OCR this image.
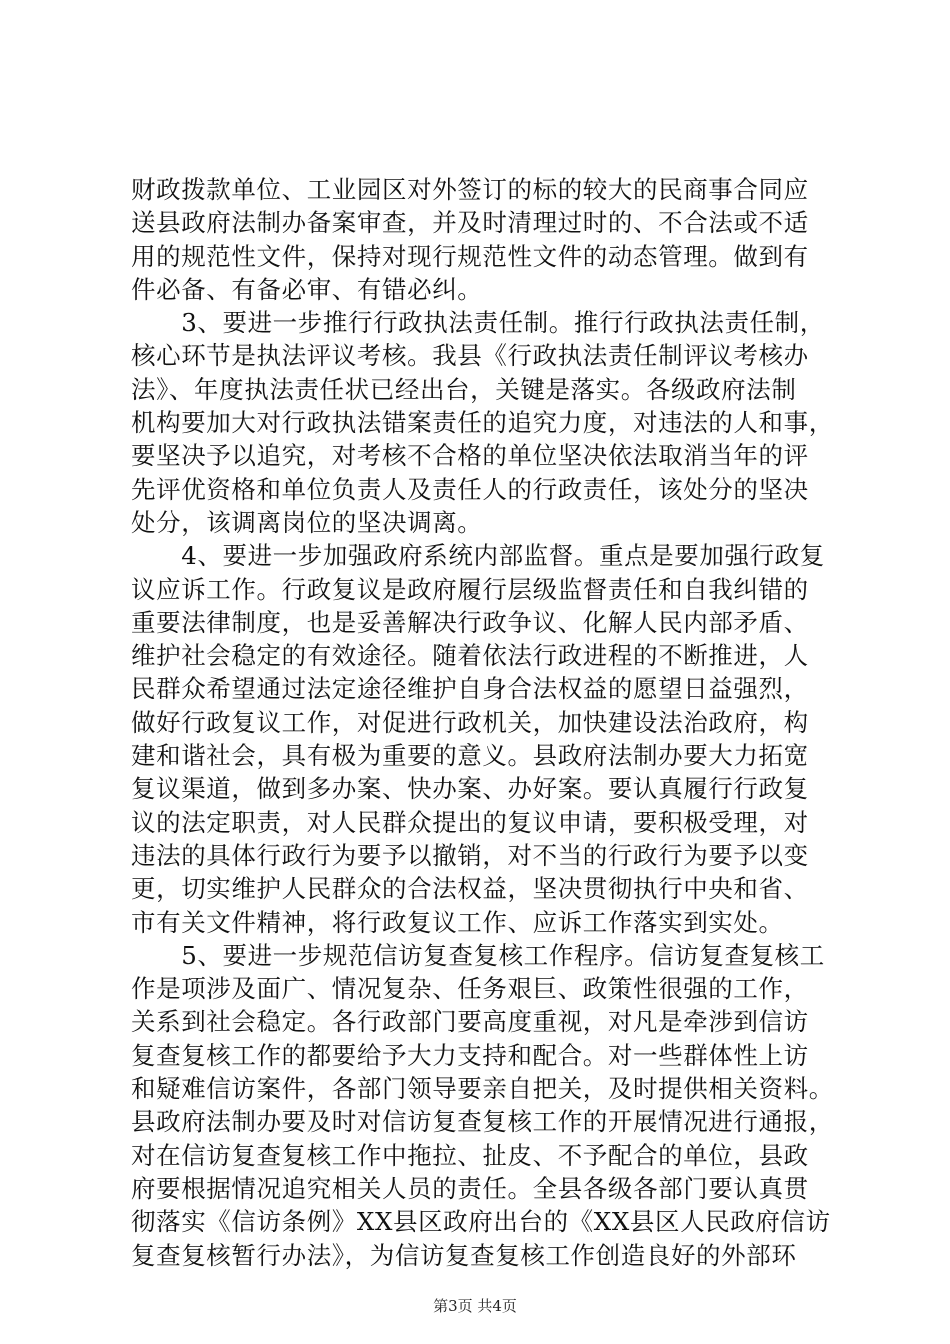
财政拨款单位、工业园区对外签订的标的较大的民商事合同应
送县政府法制办备案审查，并及时清理过时的、不合法或不适
用的规范性文件，保持对现行规范性文件的动态管理。做到有
件必备、有备必审、有错必纠。
　　3、要进一步推行行政执法责任制。推行行政执法责任制，
核心环节是执法评议考核。我县《行政执法责任制评议考核办
法》、年度执法责任状已经出台，关键是落实。各级政府法制
机构要加大对行政执法错案责任的追究力度，对违法的人和事，
要坚决予以追究，对考核不合格的单位坚决依法取消当年的评
先评优资格和单位负责人及责任人的行政责任，该处分的坚决
处分，该调离岗位的坚决调离。
　　4、要进一步加强政府系统内部监督。重点是要加强行政复
议应诉工作。行政复议是政府履行层级监督责任和自我纠错的
重要法律制度，也是妥善解决行政争议、化解人民内部矛盾、
维护社会稳定的有效途径。随着依法行政进程的不断推进，人
民群众希望通过法定途径维护自身合法权益的愿望日益强烈，
做好行政复议工作，对促进行政机关，加快建设法治政府，构
建和谐社会，具有极为重要的意义。县政府法制办要大力拓宽
复议渠道，做到多办案、快办案、办好案。要认真履行行政复
议的法定职责，对人民群众提出的复议申请，要积极受理，对
违法的具体行政行为要予以撤销，对不当的行政行为要予以变
更，切实维护人民群众的合法权益，坚决贯彻执行中央和省、
市有关文件精神，将行政复议工作、应诉工作落实到实处。
　　5、要进一步规范信访复查复核工作程序。信访复查复核工
作是项涉及面广、情况复杂、任务艰巨、政策性很强的工作，
关系到社会稳定。各行政部门要高度重视，对凡是牵涉到信访
复查复核工作的都要给予大力支持和配合。对一些群体性上访
和疑难信访案件，各部门领导要亲自把关，及时提供相关资料。
县政府法制办要及时对信访复查复核工作的开展情况进行通报，
对在信访复查复核工作中拖拉、扯皮、不予配合的单位，县政
府要根据情况追究相关人员的责任。全县各级各部门要认真贯
彻落实《信访条例》XX县区政府出台的《XX县区人民政府信访
复查复核暂行办法》，为信访复查复核工作创造良好的外部环
第3页 共4页
